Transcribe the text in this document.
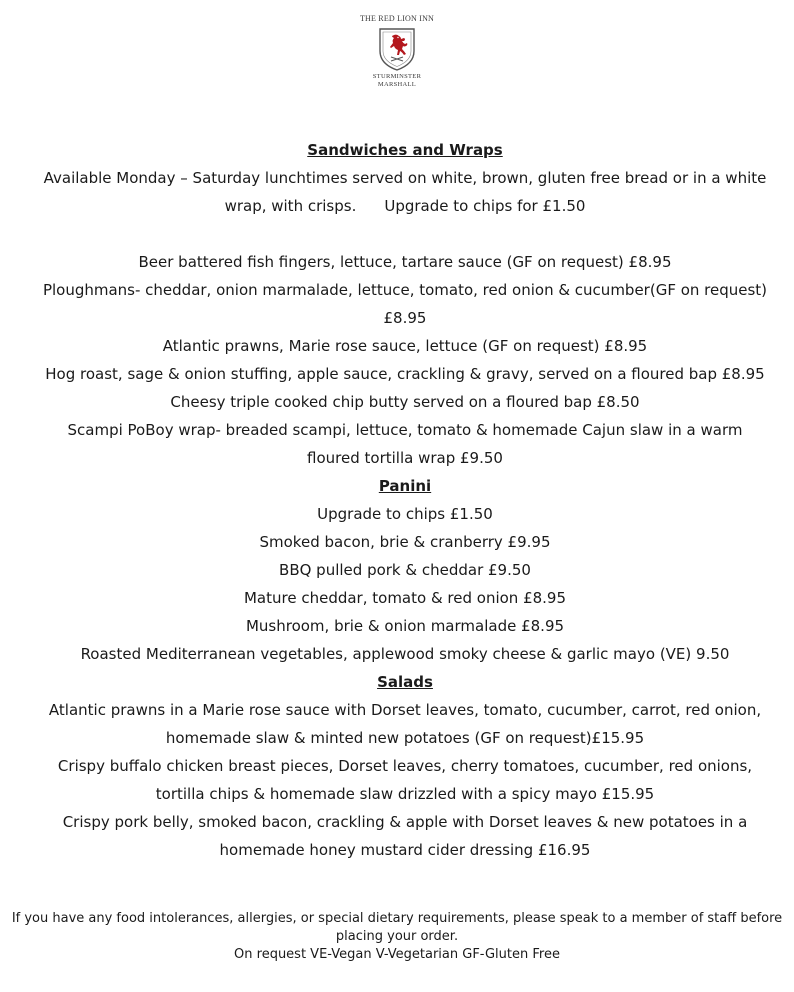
THE RED LION INN
STURMINSTER
MARSHALL
Sandwiches and Wraps
Available Monday – Saturday lunchtimes served on white, brown, gluten free bread or in a white
wrap, with crisps. Upgrade to chips for £1.50
Beer battered fish fingers, lettuce, tartare sauce (GF on request) £8.95
Ploughmans- cheddar, onion marmalade, lettuce, tomato, red onion & cucumber(GF on request) £8.95
Atlantic prawns, Marie rose sauce, lettuce (GF on request) £8.95
Hog roast, sage & onion stuffing, apple sauce, crackling & gravy, served on a floured bap £8.95
Cheesy triple cooked chip butty served on a floured bap £8.50
Scampi PoBoy wrap- breaded scampi, lettuce, tomato & homemade Cajun slaw in a warm floured tortilla wrap £9.50
Panini
Upgrade to chips £1.50
Smoked bacon, brie & cranberry £9.95
BBQ pulled pork & cheddar £9.50
Mature cheddar, tomato & red onion £8.95
Mushroom, brie & onion marmalade £8.95
Roasted Mediterranean vegetables, applewood smoky cheese & garlic mayo (VE) 9.50
Salads
Atlantic prawns in a Marie rose sauce with Dorset leaves, tomato, cucumber, carrot, red onion, homemade slaw & minted new potatoes (GF on request)£15.95
Crispy buffalo chicken breast pieces, Dorset leaves, cherry tomatoes, cucumber, red onions, tortilla chips & homemade slaw drizzled with a spicy mayo £15.95
Crispy pork belly, smoked bacon, crackling & apple with Dorset leaves & new potatoes in a homemade honey mustard cider dressing £16.95
If you have any food intolerances, allergies, or special dietary requirements, please speak to a member of staff before placing your order.
On request VE-Vegan V-Vegetarian GF-Gluten Free
